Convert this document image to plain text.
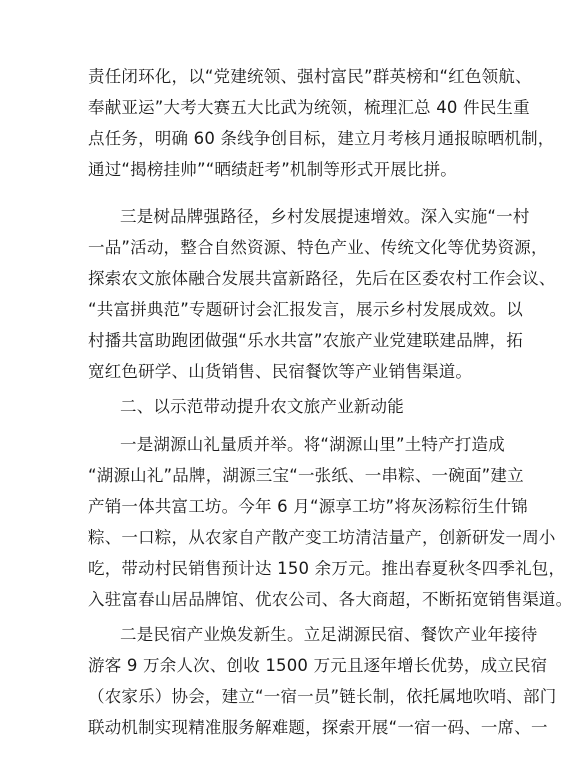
责任闭环化，以“党建统领、强村富民”群英榜和“红色领航、
奉献亚运”大考大赛五大比武为统领，梳理汇总 40 件民生重
点任务，明确 60 条线争创目标，建立月考核月通报晾晒机制，
通过“揭榜挂帅”“晒绩赶考”机制等形式开展比拼。
三是树品牌强路径，乡村发展提速增效。深入实施“一村
一品”活动，整合自然资源、特色产业、传统文化等优势资源，
探索农文旅体融合发展共富新路径，先后在区委农村工作会议、
“共富拼典范”专题研讨会汇报发言，展示乡村发展成效。以
村播共富助跑团做强“乐水共富”农旅产业党建联建品牌，拓
宽红色研学、山货销售、民宿餐饮等产业销售渠道。
二、以示范带动提升农文旅产业新动能
一是湖源山礼量质并举。将“湖源山里”土特产打造成
“湖源山礼”品牌，湖源三宝“一张纸、一串粽、一碗面”建立
产销一体共富工坊。今年 6 月“源享工坊”将灰汤粽衍生什锦
粽、一口粽，从农家自产散产变工坊清洁量产，创新研发一周小
吃，带动村民销售预计达 150 余万元。推出春夏秋冬四季礼包，
入驻富春山居品牌馆、优农公司、各大商超，不断拓宽销售渠道。
二是民宿产业焕发新生。立足湖源民宿、餐饮产业年接待
游客 9 万余人次、创收 1500 万元且逐年增长优势，成立民宿
（农家乐）协会，建立“一宿一员”链长制，依托属地吹哨、部门
联动机制实现精准服务解难题，探索开展“一宿一码、一席、一
